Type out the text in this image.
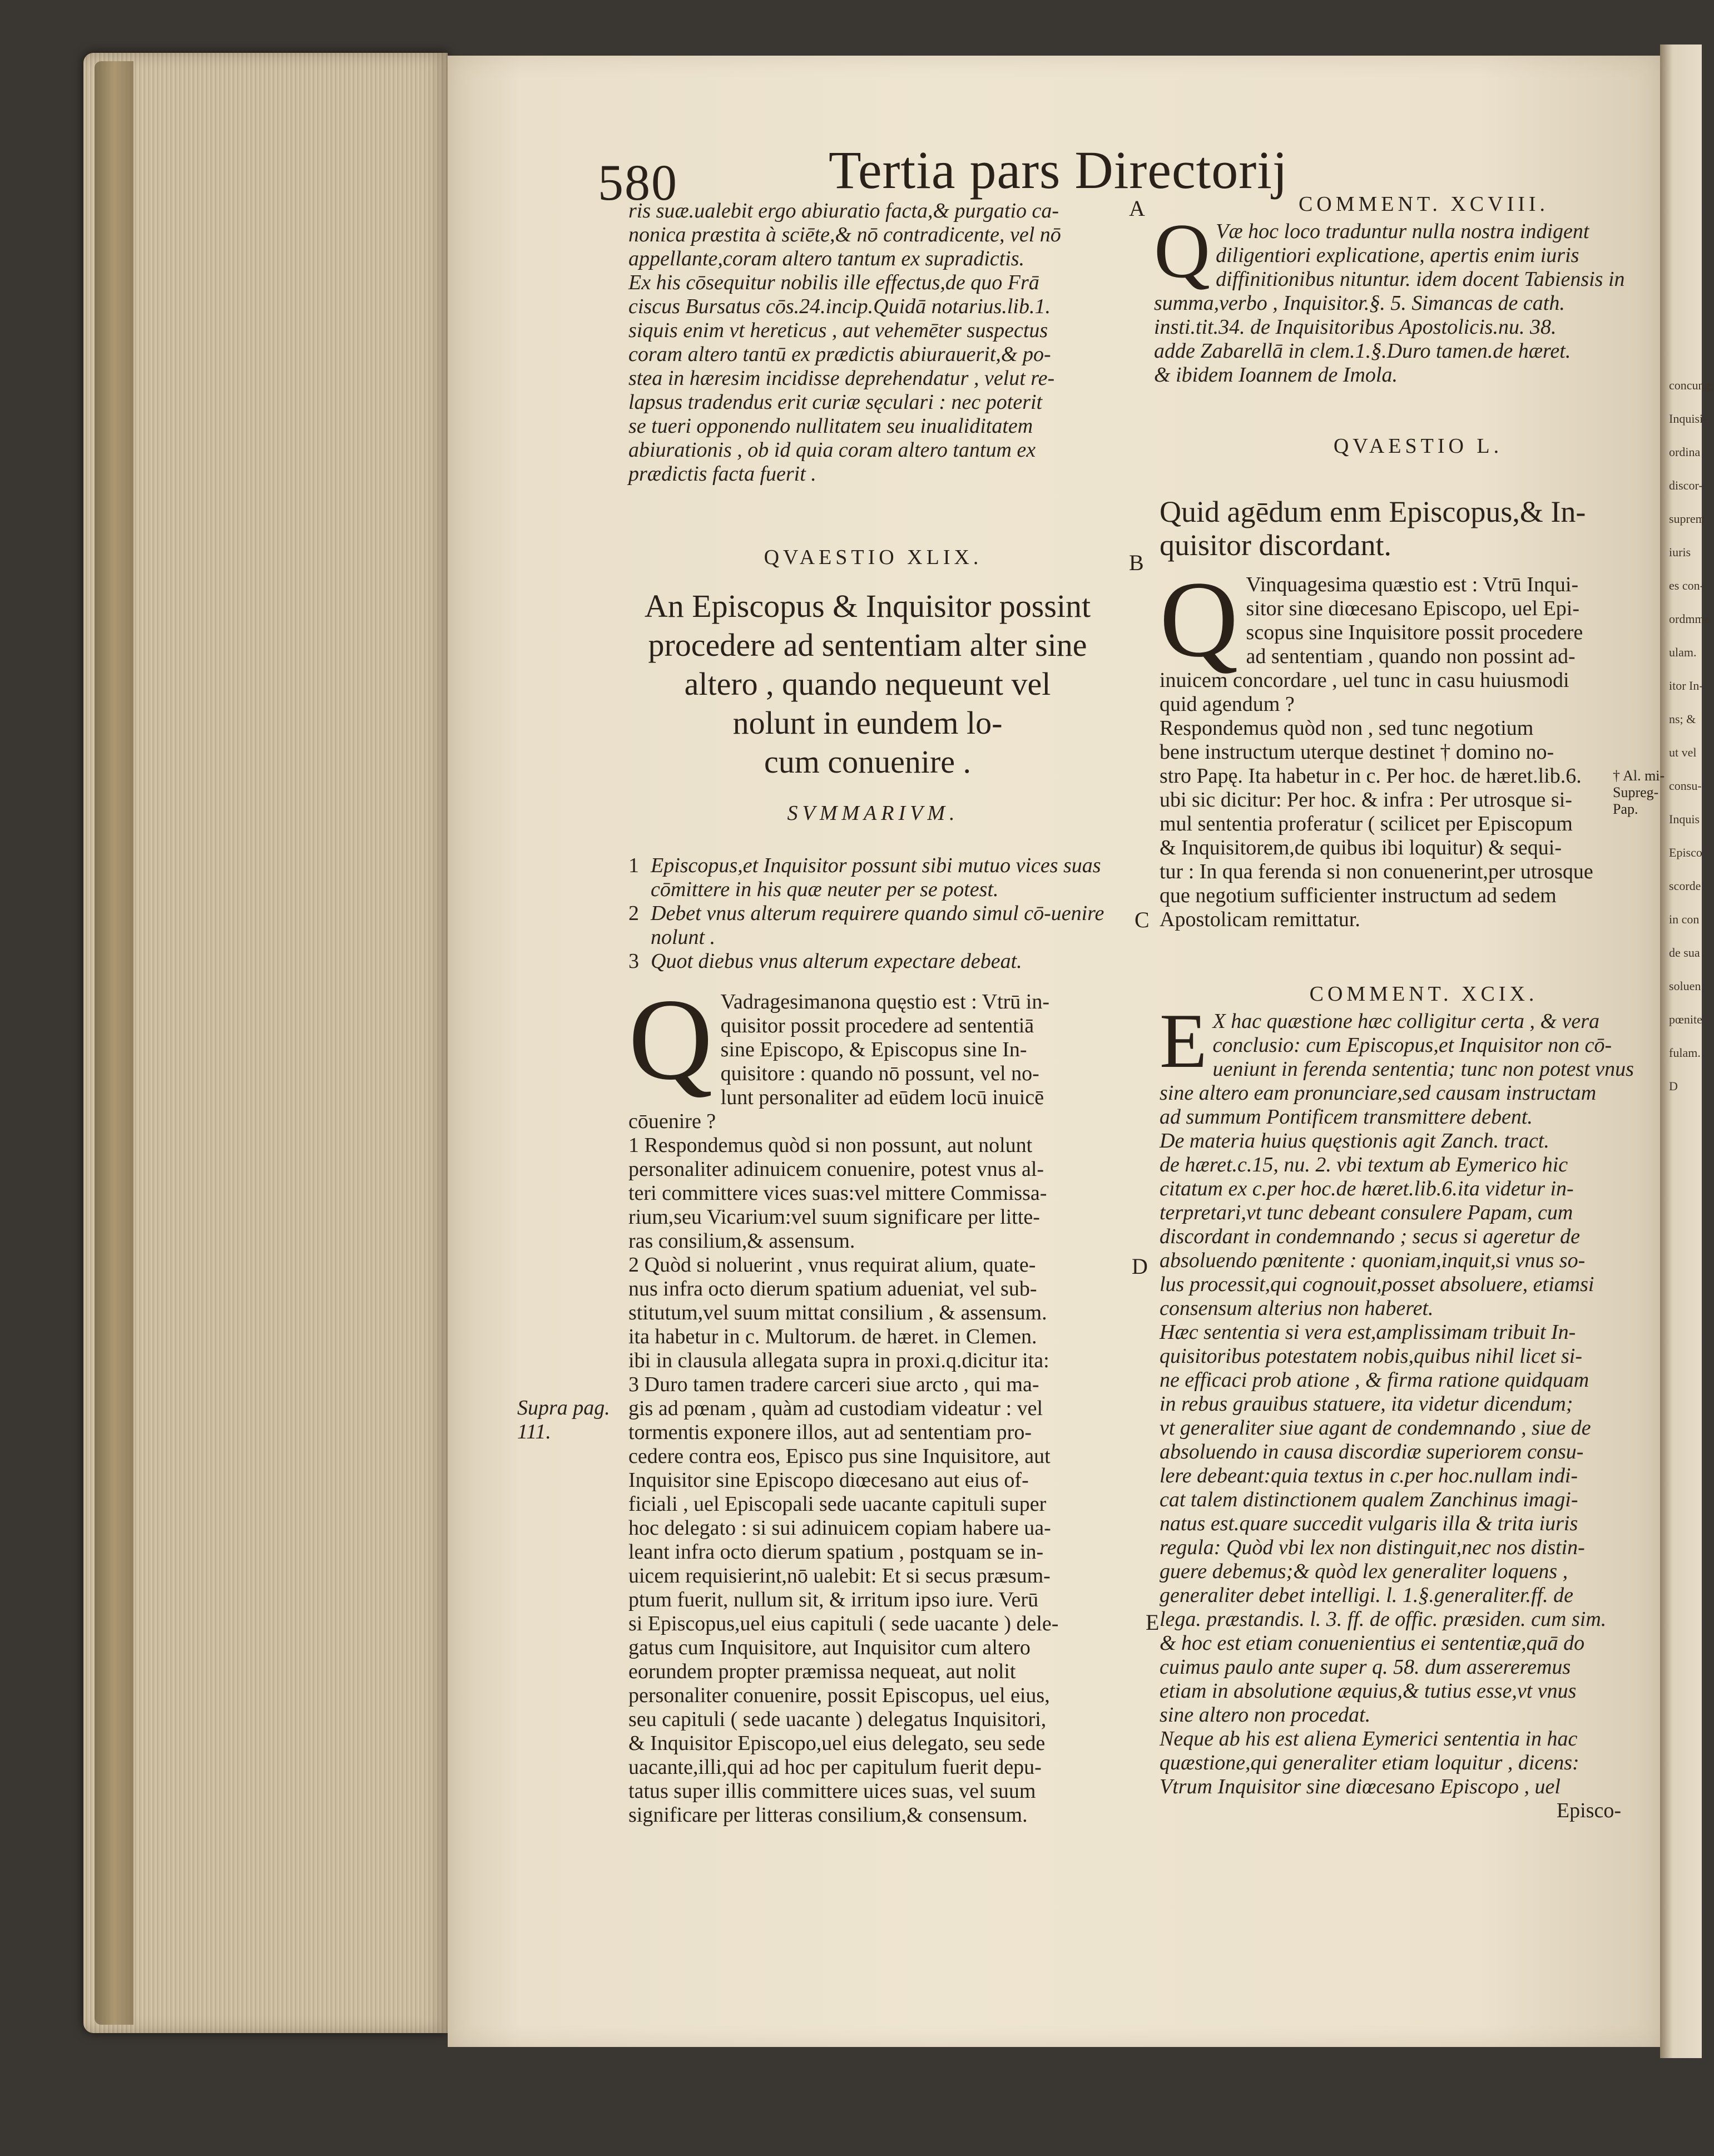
concung;
Inquisi-
ordina
discor-
suprem
iuris
es con-
ordmme
ulam.
itor In-
ns; &
ut vel
consu-
Inquis
Episco
scorde
in con
de sua
soluen
pœnite
fulam.
D
580	Tertia pars Directorij
A
B
C
D
E
Supra pag.
111.
ris suæ.ualebit ergo abiuratio facta,& purgatio ca-
nonica præstita à sciēte,& nō contradicente, vel nō
appellante,coram altero tantum ex supradictis.
Ex his cōsequitur nobilis ille effectus,de quo Frā
ciscus Bursatus cōs.24.incip.Quidā notarius.lib.1.
siquis enim vt hereticus , aut vehemēter suspectus
coram altero tantū ex prædictis abiurauerit,& po-
stea in hæresim incidisse deprehendatur , velut re-
lapsus tradendus erit curiæ sęculari : nec poterit
se tueri opponendo nullitatem seu inualiditatem
abiurationis , ob id quia coram altero tantum ex
prædictis facta fuerit .
QVAESTIO XLIX.
An Episcopus & Inquisitor possint
procedere ad sententiam alter sine
altero , quando nequeunt vel
nolunt in eundem lo-
cum conuenire .
SVMMARIVM.
1 Episcopus,et Inquisitor possunt sibi mutuo vices suas cōmittere in his quæ neuter per se potest.
2 Debet vnus alterum requirere quando simul cō-uenire nolunt .
3 Quot diebus vnus alterum expectare debeat.
Q Vadragesimanona quęstio est : Vtrū in-
quisitor possit procedere ad sententiā
sine Episcopo, & Episcopus sine In-
quisitore : quando nō possunt, vel no-
lunt personaliter ad eūdem locū inuicē cōuenire ?
1 Respondemus quòd si non possunt, aut nolunt
personaliter adinuicem conuenire, potest vnus al-
teri committere vices suas:vel mittere Commissa-
rium,seu Vicarium:vel suum significare per litte-
ras consilium,& assensum.
2 Quòd si noluerint , vnus requirat alium, quate-
nus infra octo dierum spatium adueniat, vel sub-
stitutum,vel suum mittat consilium , & assensum.
ita habetur in c. Multorum. de hæret. in Clemen.
ibi in clausula allegata supra in proxi.q.dicitur ita:
3 Duro tamen tradere carceri siue arcto , qui ma-
gis ad pœnam , quàm ad custodiam videatur : vel
tormentis exponere illos, aut ad sententiam pro-
cedere contra eos, Episco pus sine Inquisitore, aut
Inquisitor sine Episcopo diœcesano aut eius of-
ficiali , uel Episcopali sede uacante capituli super
hoc delegato : si sui adinuicem copiam habere ua-
leant infra octo dierum spatium , postquam se in-
uicem requisierint,nō ualebit: Et si secus præsum-
ptum fuerit, nullum sit, & irritum ipso iure. Verū
si Episcopus,uel eius capituli ( sede uacante ) dele-
gatus cum Inquisitore, aut Inquisitor cum altero
eorundem propter præmissa nequeat, aut nolit
personaliter conuenire, possit Episcopus, uel eius,
seu capituli ( sede uacante ) delegatus Inquisitori,
& Inquisitor Episcopo,uel eius delegato, seu sede
uacante,illi,qui ad hoc per capitulum fuerit depu-
tatus super illis committere uices suas, vel suum
significare per litteras consilium,& consensum.
COMMENT. XCVIII.
Q Væ hoc loco traduntur nulla nostra indigent
diligentiori explicatione, apertis enim iuris
diffinitionibus nituntur. idem docent Tabiensis in
summa,verbo , Inquisitor.§. 5. Simancas de cath.
insti.tit.34. de Inquisitoribus Apostolicis.nu. 38.
adde Zabarellā in clem.1.§.Duro tamen.de hæret.
& ibidem Ioannem de Imola.
QVAESTIO L.
Quid agēdum enm Episcopus,& In-
quisitor discordant.
Q Vinquagesima quæstio est : Vtrū Inqui-
sitor sine diœcesano Episcopo, uel Epi-
scopus sine Inquisitore possit procedere
ad sententiam , quando non possint ad-
inuicem concordare , uel tunc in casu huiusmodi
quid agendum ?
Respondemus quòd non , sed tunc negotium
bene instructum uterque destinet † domino no-
stro Papę. Ita habetur in c. Per hoc. de hæret.lib.6.
ubi sic dicitur: Per hoc. & infra : Per utrosque si-
mul sententia proferatur ( scilicet per Episcopum
& Inquisitorem,de quibus ibi loquitur) & sequi-
tur : In qua ferenda si non conuenerint,per utrosque
que negotium sufficienter instructum ad sedem
Apostolicam remittatur.
COMMENT. XCIX.
E X hac quæstione hæc colligitur certa , & vera
conclusio: cum Episcopus,et Inquisitor non cō-
ueniunt in ferenda sententia; tunc non potest vnus
sine altero eam pronunciare,sed causam instructam
ad summum Pontificem transmittere debent.
De materia huius quęstionis agit Zanch. tract.
de hæret.c.15, nu. 2. vbi textum ab Eymerico hic
citatum ex c.per hoc.de hæret.lib.6.ita videtur in-
terpretari,vt tunc debeant consulere Papam, cum
discordant in condemnando ; secus si ageretur de
absoluendo pœnitente : quoniam,inquit,si vnus so-
lus processit,qui cognouit,posset absoluere, etiamsi
consensum alterius non haberet.
Hæc sententia si vera est,amplissimam tribuit In-
quisitoribus potestatem nobis,quibus nihil licet si-
ne efficaci prob atione , & firma ratione quidquam
in rebus grauibus statuere, ita videtur dicendum;
vt generaliter siue agant de condemnando , siue de
absoluendo in causa discordiæ superiorem consu-
lere debeant:quia textus in c.per hoc.nullam indi-
cat talem distinctionem qualem Zanchinus imagi-
natus est.quare succedit vulgaris illa & trita iuris
regula: Quòd vbi lex non distinguit,nec nos distin-
guere debemus;& quòd lex generaliter loquens ,
generaliter debet intelligi. l. 1.§.generaliter.ff. de
lega. præstandis. l. 3. ff. de offic. præsiden. cum sim.
& hoc est etiam conuenientius ei sententiæ,quā do
cuimus paulo ante super q. 58. dum assereremus
etiam in absolutione æquius,& tutius esse,vt vnus
sine altero non procedat.
Neque ab his est aliena Eymerici sententia in hac
quæstione,qui generaliter etiam loquitur , dicens:
Vtrum Inquisitor sine diœcesano Episcopo , uel
Episco-
† Al. mi-
Supreg-
Pap.
